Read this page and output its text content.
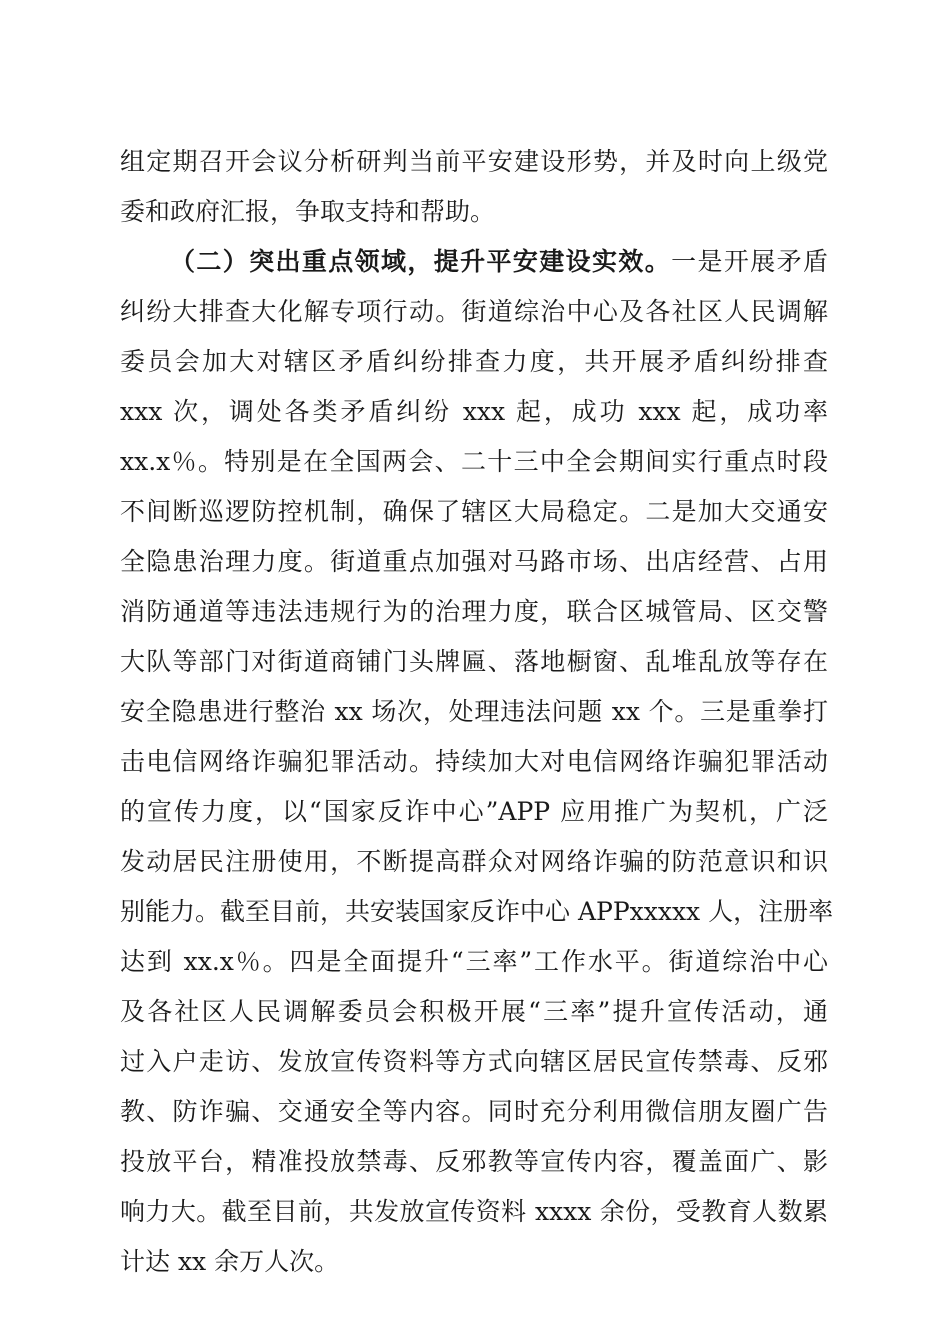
组定期召开会议分析研判当前平安建设形势，并及时向上级党
委和政府汇报，争取支持和帮助。
（二）突出重点领域，提升平安建设实效。一是开展矛盾
纠纷大排查大化解专项行动。街道综治中心及各社区人民调解
委员会加大对辖区矛盾纠纷排查力度，共开展矛盾纠纷排查
xxx 次，调处各类矛盾纠纷 xxx 起，成功 xxx 起，成功率
xx.x％。特别是在全国两会、二十三中全会期间实行重点时段
不间断巡逻防控机制，确保了辖区大局稳定。二是加大交通安
全隐患治理力度。街道重点加强对马路市场、出店经营、占用
消防通道等违法违规行为的治理力度，联合区城管局、区交警
大队等部门对街道商铺门头牌匾、落地橱窗、乱堆乱放等存在
安全隐患进行整治 xx 场次，处理违法问题 xx 个。三是重拳打
击电信网络诈骗犯罪活动。持续加大对电信网络诈骗犯罪活动
的宣传力度，以“国家反诈中心”APP 应用推广为契机，广泛
发动居民注册使用，不断提高群众对网络诈骗的防范意识和识
别能力。截至目前，共安装国家反诈中心 APPxxxxx 人，注册率
达到 xx.x％。四是全面提升“三率”工作水平。街道综治中心
及各社区人民调解委员会积极开展“三率”提升宣传活动，通
过入户走访、发放宣传资料等方式向辖区居民宣传禁毒、反邪
教、防诈骗、交通安全等内容。同时充分利用微信朋友圈广告
投放平台，精准投放禁毒、反邪教等宣传内容，覆盖面广、影
响力大。截至目前，共发放宣传资料 xxxx 余份，受教育人数累
计达 xx 余万人次。
